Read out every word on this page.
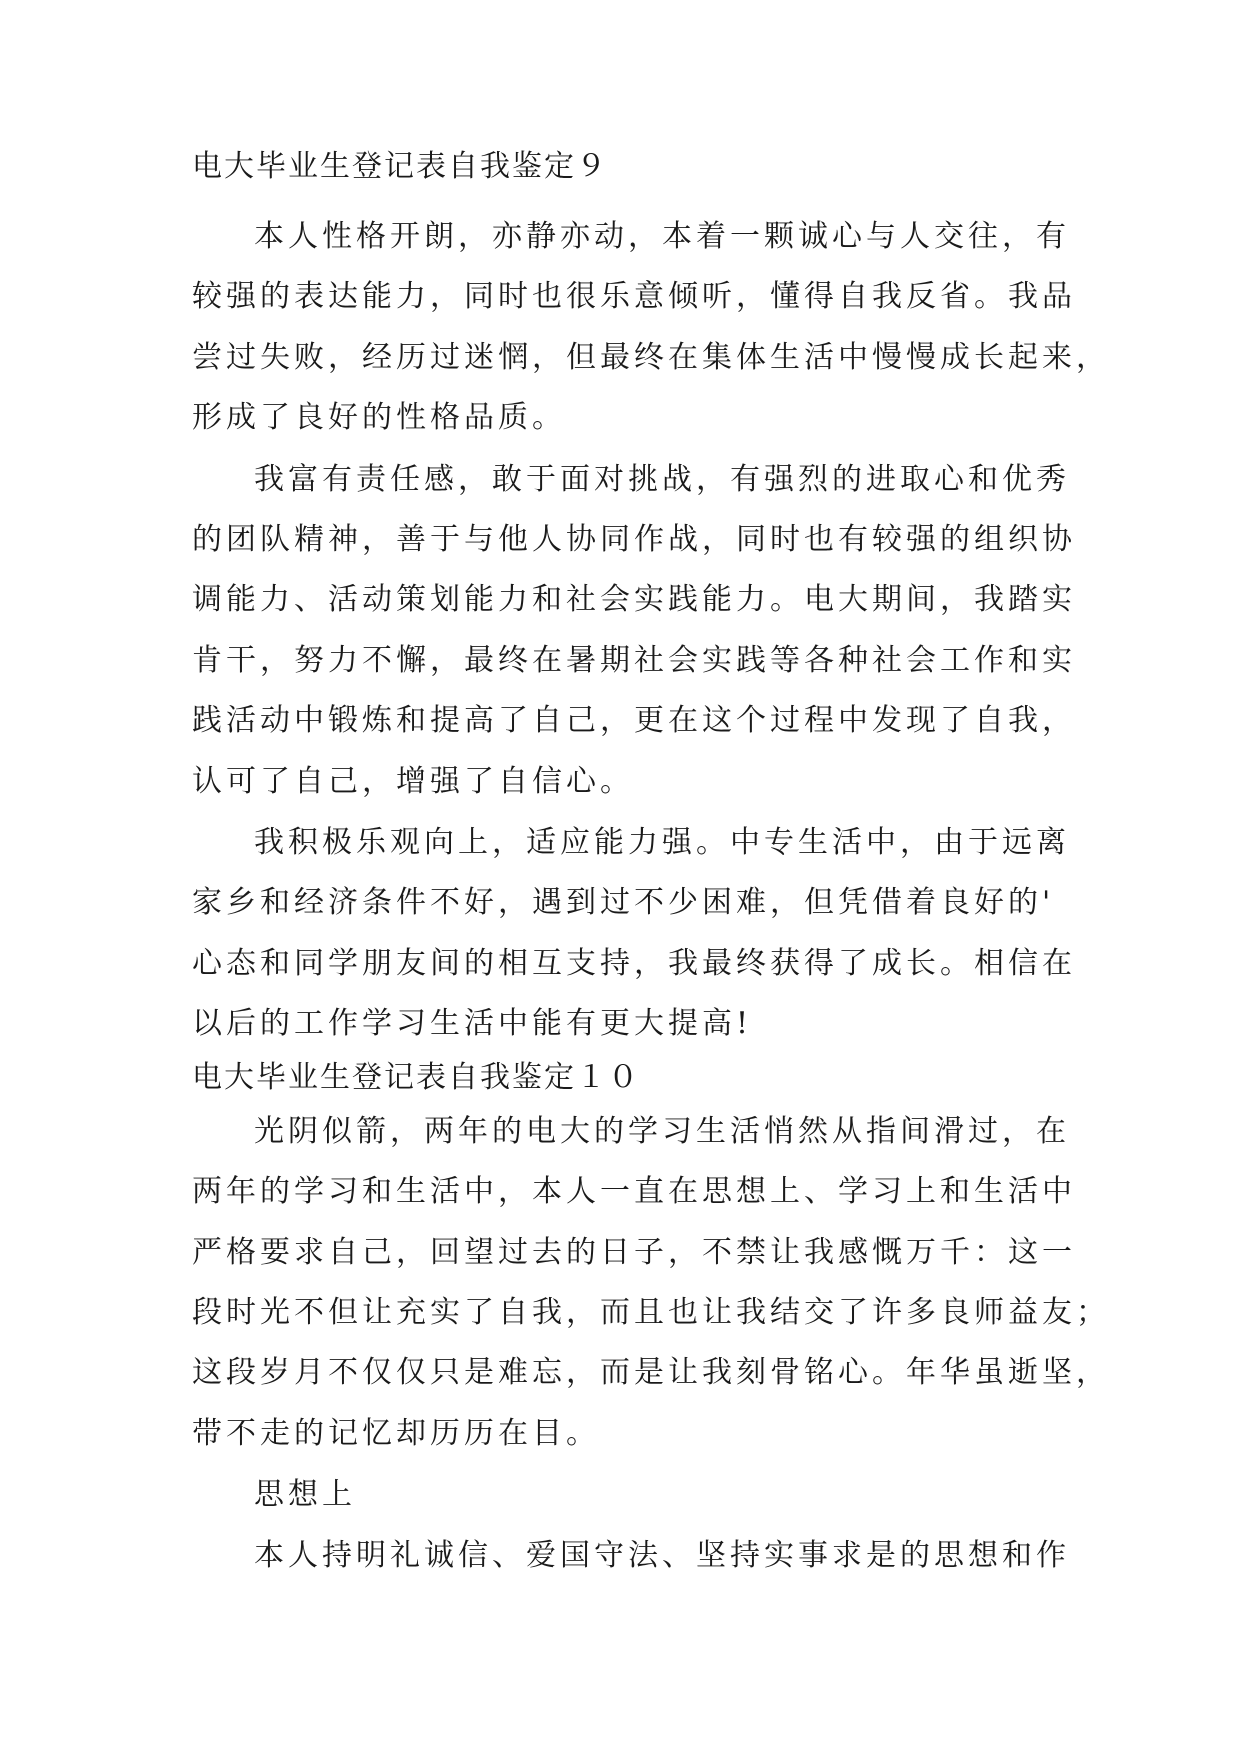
电大毕业生登记表自我鉴定９
本人性格开朗，亦静亦动，本着一颗诚心与人交往，有
较强的表达能力，同时也很乐意倾听，懂得自我反省。我品
尝过失败，经历过迷惘，但最终在集体生活中慢慢成长起来，
形成了良好的性格品质。
我富有责任感，敢于面对挑战，有强烈的进取心和优秀
的团队精神，善于与他人协同作战，同时也有较强的组织协
调能力、活动策划能力和社会实践能力。电大期间，我踏实
肯干，努力不懈，最终在暑期社会实践等各种社会工作和实
践活动中锻炼和提高了自己，更在这个过程中发现了自我，
认可了自己，增强了自信心。
我积极乐观向上，适应能力强。中专生活中，由于远离
家乡和经济条件不好，遇到过不少困难，但凭借着良好的'
心态和同学朋友间的相互支持，我最终获得了成长。相信在
以后的工作学习生活中能有更大提高!
电大毕业生登记表自我鉴定１０
光阴似箭，两年的电大的学习生活悄然从指间滑过，在
两年的学习和生活中，本人一直在思想上、学习上和生活中
严格要求自己，回望过去的日子，不禁让我感慨万千：这一
段时光不但让充实了自我，而且也让我结交了许多良师益友；
这段岁月不仅仅只是难忘，而是让我刻骨铭心。年华虽逝坚，
带不走的记忆却历历在目。
思想上
本人持明礼诚信、爱国守法、坚持实事求是的思想和作
